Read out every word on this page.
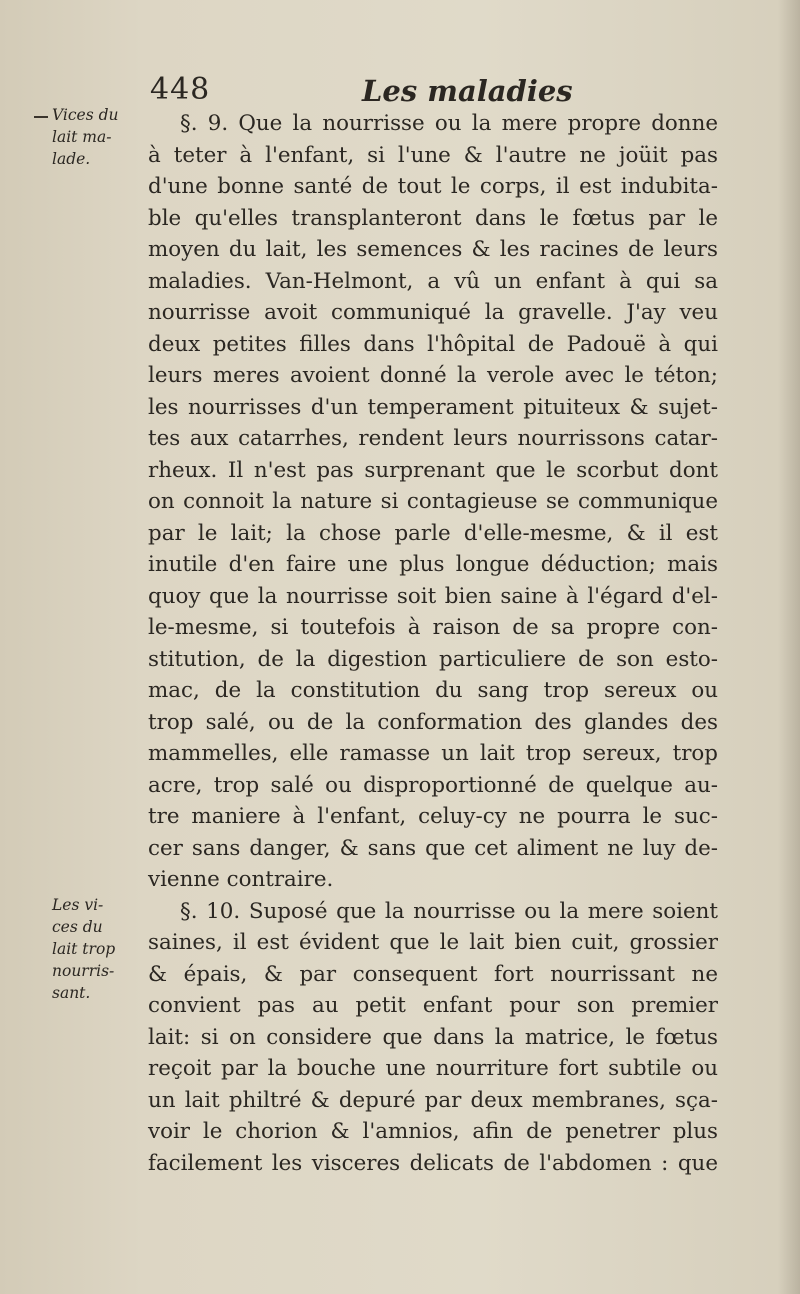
448	Les maladies
Vices du
lait ma-
lade.
Les vi-
ces du
lait trop
nourris-
sant.
§. 9. Que la nourrisse ou la mere propre donne
à teter à l'enfant, si l'une & l'autre ne joüit pas
d'une bonne santé de tout le corps, il est indubita-
ble qu'elles transplanteront dans le fœtus par le
moyen du lait, les semences & les racines de leurs
maladies. Van-Helmont, a vû un enfant à qui sa
nourrisse avoit communiqué la gravelle. J'ay veu
deux petites filles dans l'hôpital de Padouë à qui
leurs meres avoient donné la verole avec le téton;
les nourrisses d'un temperament pituiteux & sujet-
tes aux catarrhes, rendent leurs nourrissons catar-
rheux. Il n'est pas surprenant que le scorbut dont
on connoit la nature si contagieuse se communique
par le lait; la chose parle d'elle-mesme, & il est
inutile d'en faire une plus longue déduction; mais
quoy que la nourrisse soit bien saine à l'égard d'el-
le-mesme, si toutefois à raison de sa propre con-
stitution, de la digestion particuliere de son esto-
mac, de la constitution du sang trop sereux ou
trop salé, ou de la conformation des glandes des
mammelles, elle ramasse un lait trop sereux, trop
acre, trop salé ou disproportionné de quelque au-
tre maniere à l'enfant, celuy-cy ne pourra le suc-
cer sans danger, & sans que cet aliment ne luy de-
vienne contraire.
§. 10. Suposé que la nourrisse ou la mere soient
saines, il est évident que le lait bien cuit, grossier
& épais, & par consequent fort nourrissant ne
convient pas au petit enfant pour son premier
lait: si on considere que dans la matrice, le fœtus
reçoit par la bouche une nourriture fort subtile ou
un lait philtré & depuré par deux membranes, sça-
voir le chorion & l'amnios, afin de penetrer plus
facilement les visceres delicats de l'abdomen : que
